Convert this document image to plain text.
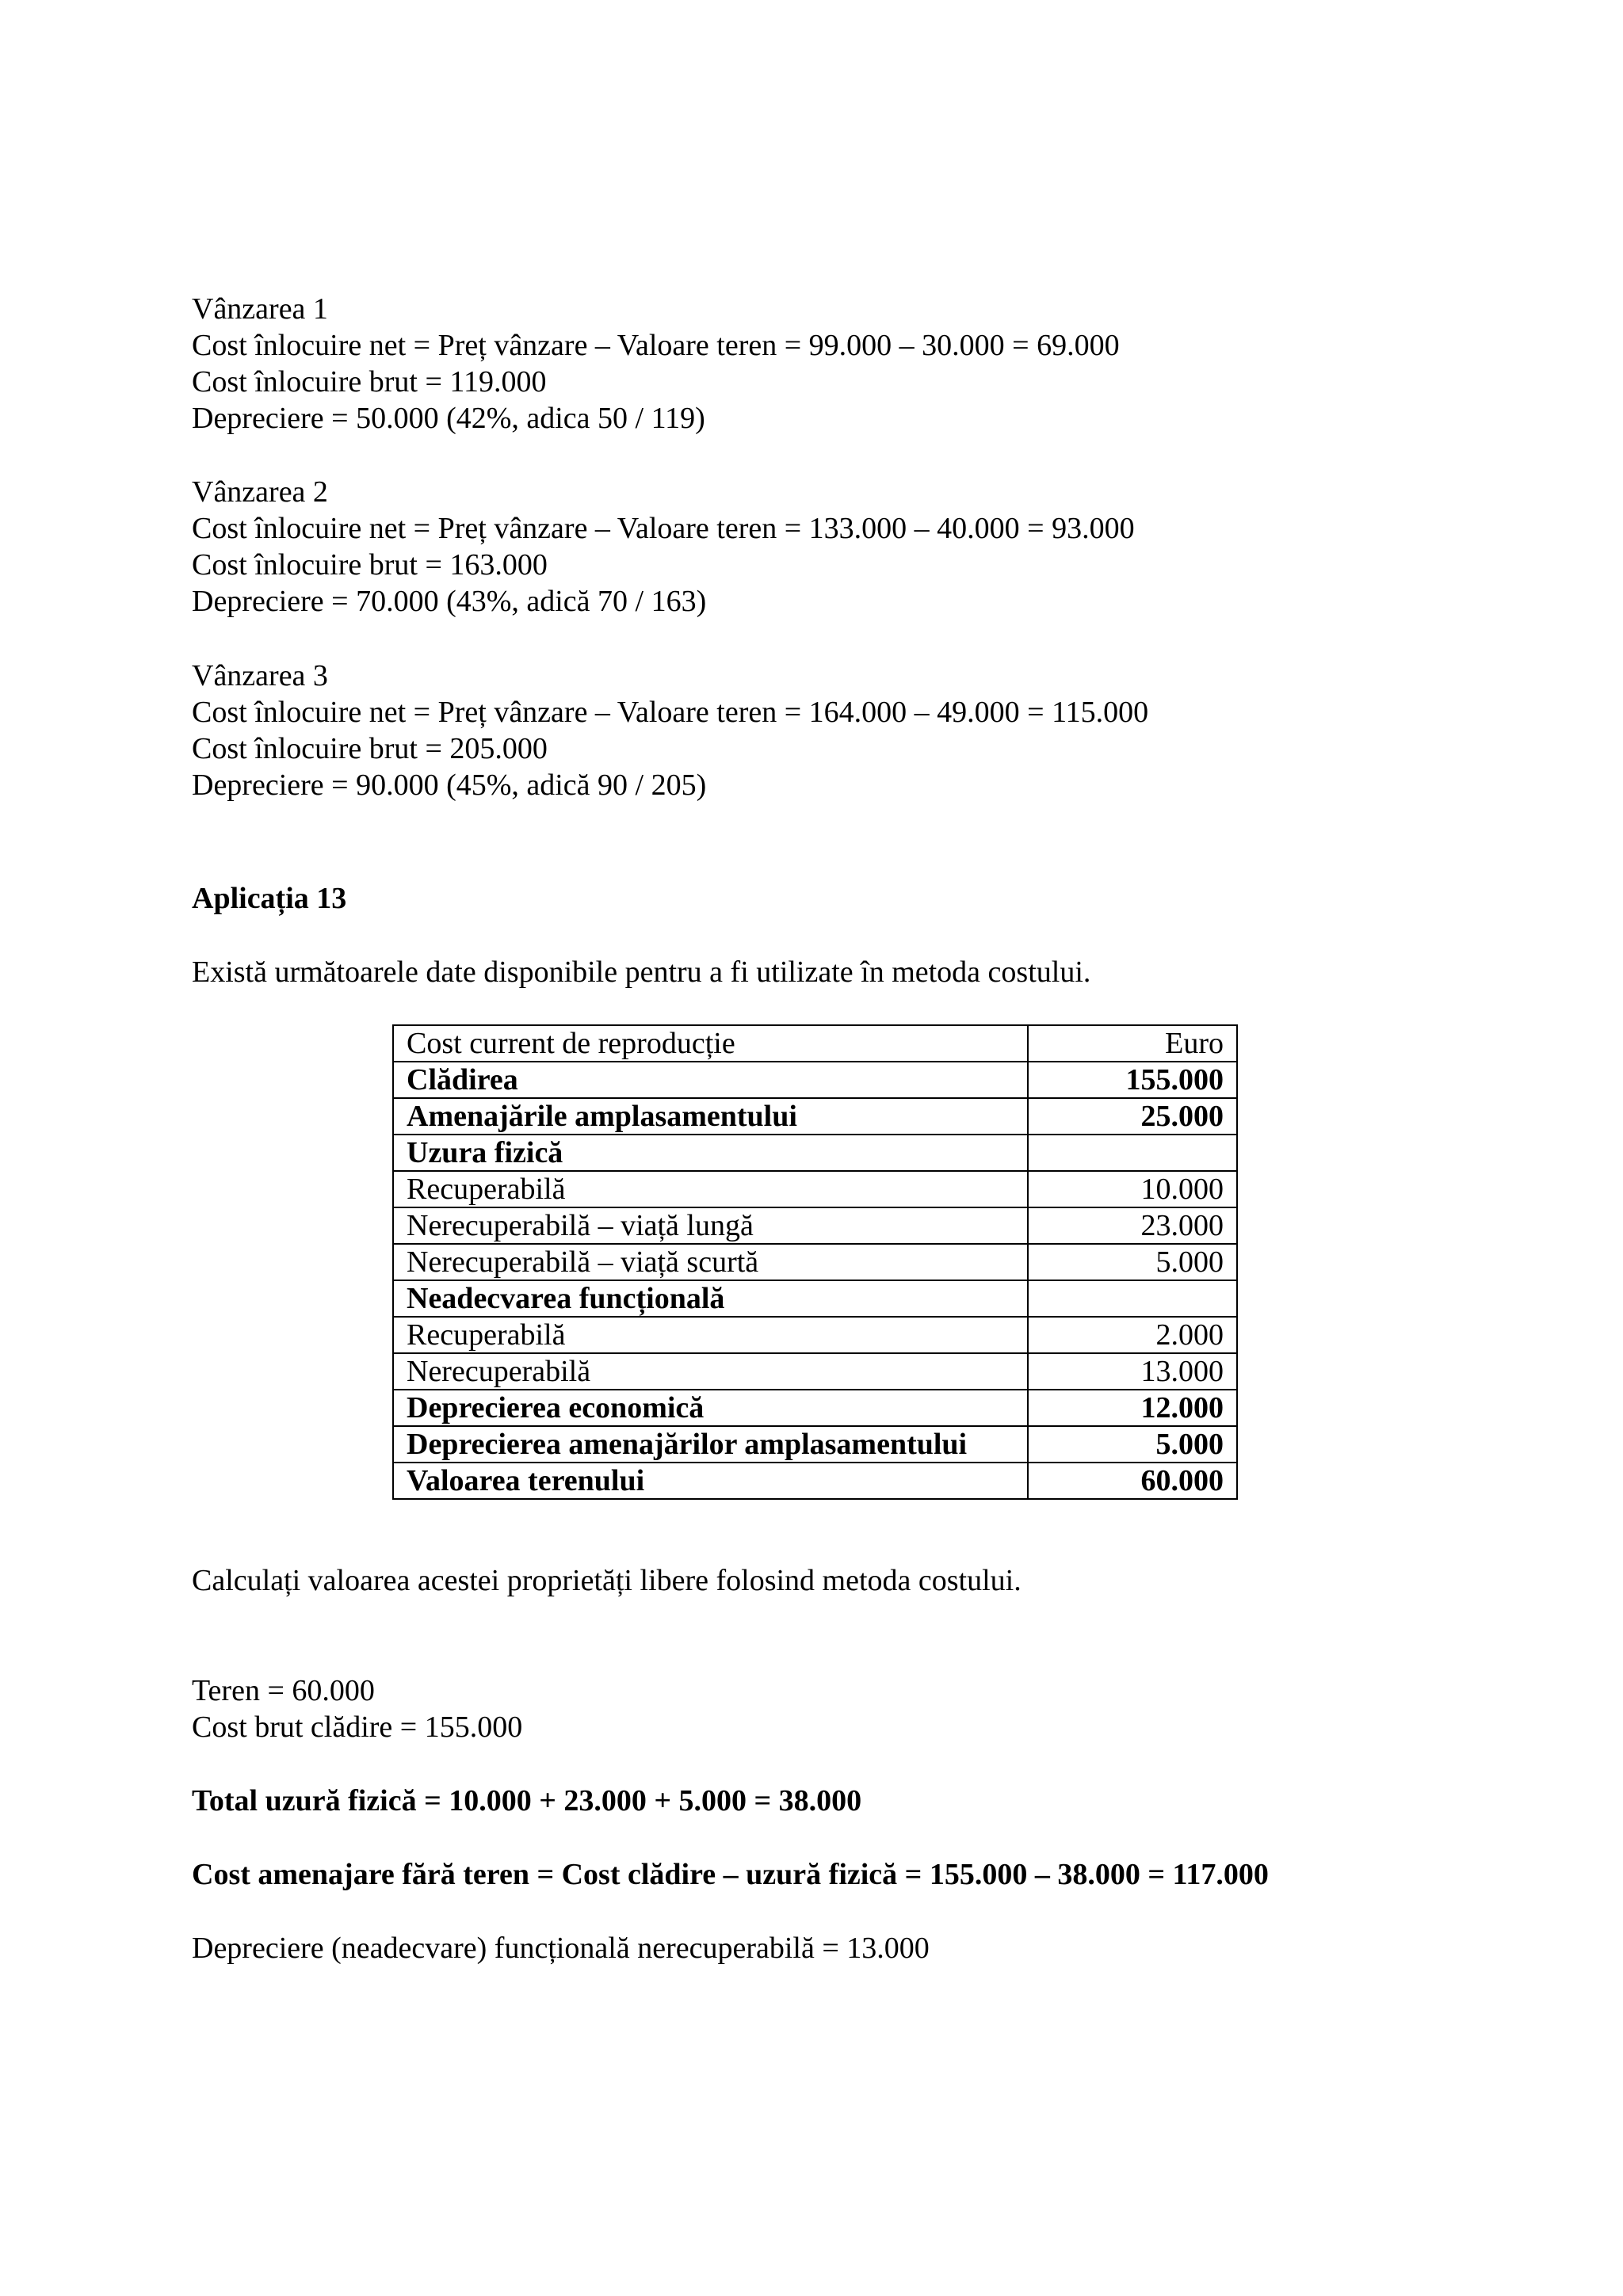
Vânzarea 1
Cost înlocuire net = Preț vânzare – Valoare teren = 99.000 – 30.000 = 69.000
Cost înlocuire brut = 119.000
Depreciere = 50.000 (42%, adica 50 / 119)
Vânzarea 2
Cost înlocuire net = Preț vânzare – Valoare teren = 133.000 – 40.000 = 93.000
Cost înlocuire brut = 163.000
Depreciere = 70.000 (43%, adică 70 / 163)
Vânzarea 3
Cost înlocuire net = Preț vânzare – Valoare teren = 164.000 – 49.000 = 115.000
Cost înlocuire brut = 205.000
Depreciere = 90.000 (45%, adică 90 / 205)
Aplicația 13
Există următoarele date disponibile pentru a fi utilizate în metoda costului.
Cost current de reproducție	Euro
Clădirea	155.000
Amenajările amplasamentului	25.000
Uzura fizică	
Recuperabilă	10.000
Nerecuperabilă – viață lungă	23.000
Nerecuperabilă – viață scurtă	5.000
Neadecvarea funcțională	
Recuperabilă	2.000
Nerecuperabilă	13.000
Deprecierea economică	12.000
Deprecierea amenajărilor amplasamentului	5.000
Valoarea terenului	60.000
Calculați valoarea acestei proprietăți libere folosind metoda costului.
Teren = 60.000
Cost brut clădire = 155.000
Total uzură fizică = 10.000 + 23.000 + 5.000 = 38.000
Cost amenajare fără teren = Cost clădire – uzură fizică = 155.000 – 38.000 = 117.000
Depreciere (neadecvare) funcțională nerecuperabilă = 13.000
